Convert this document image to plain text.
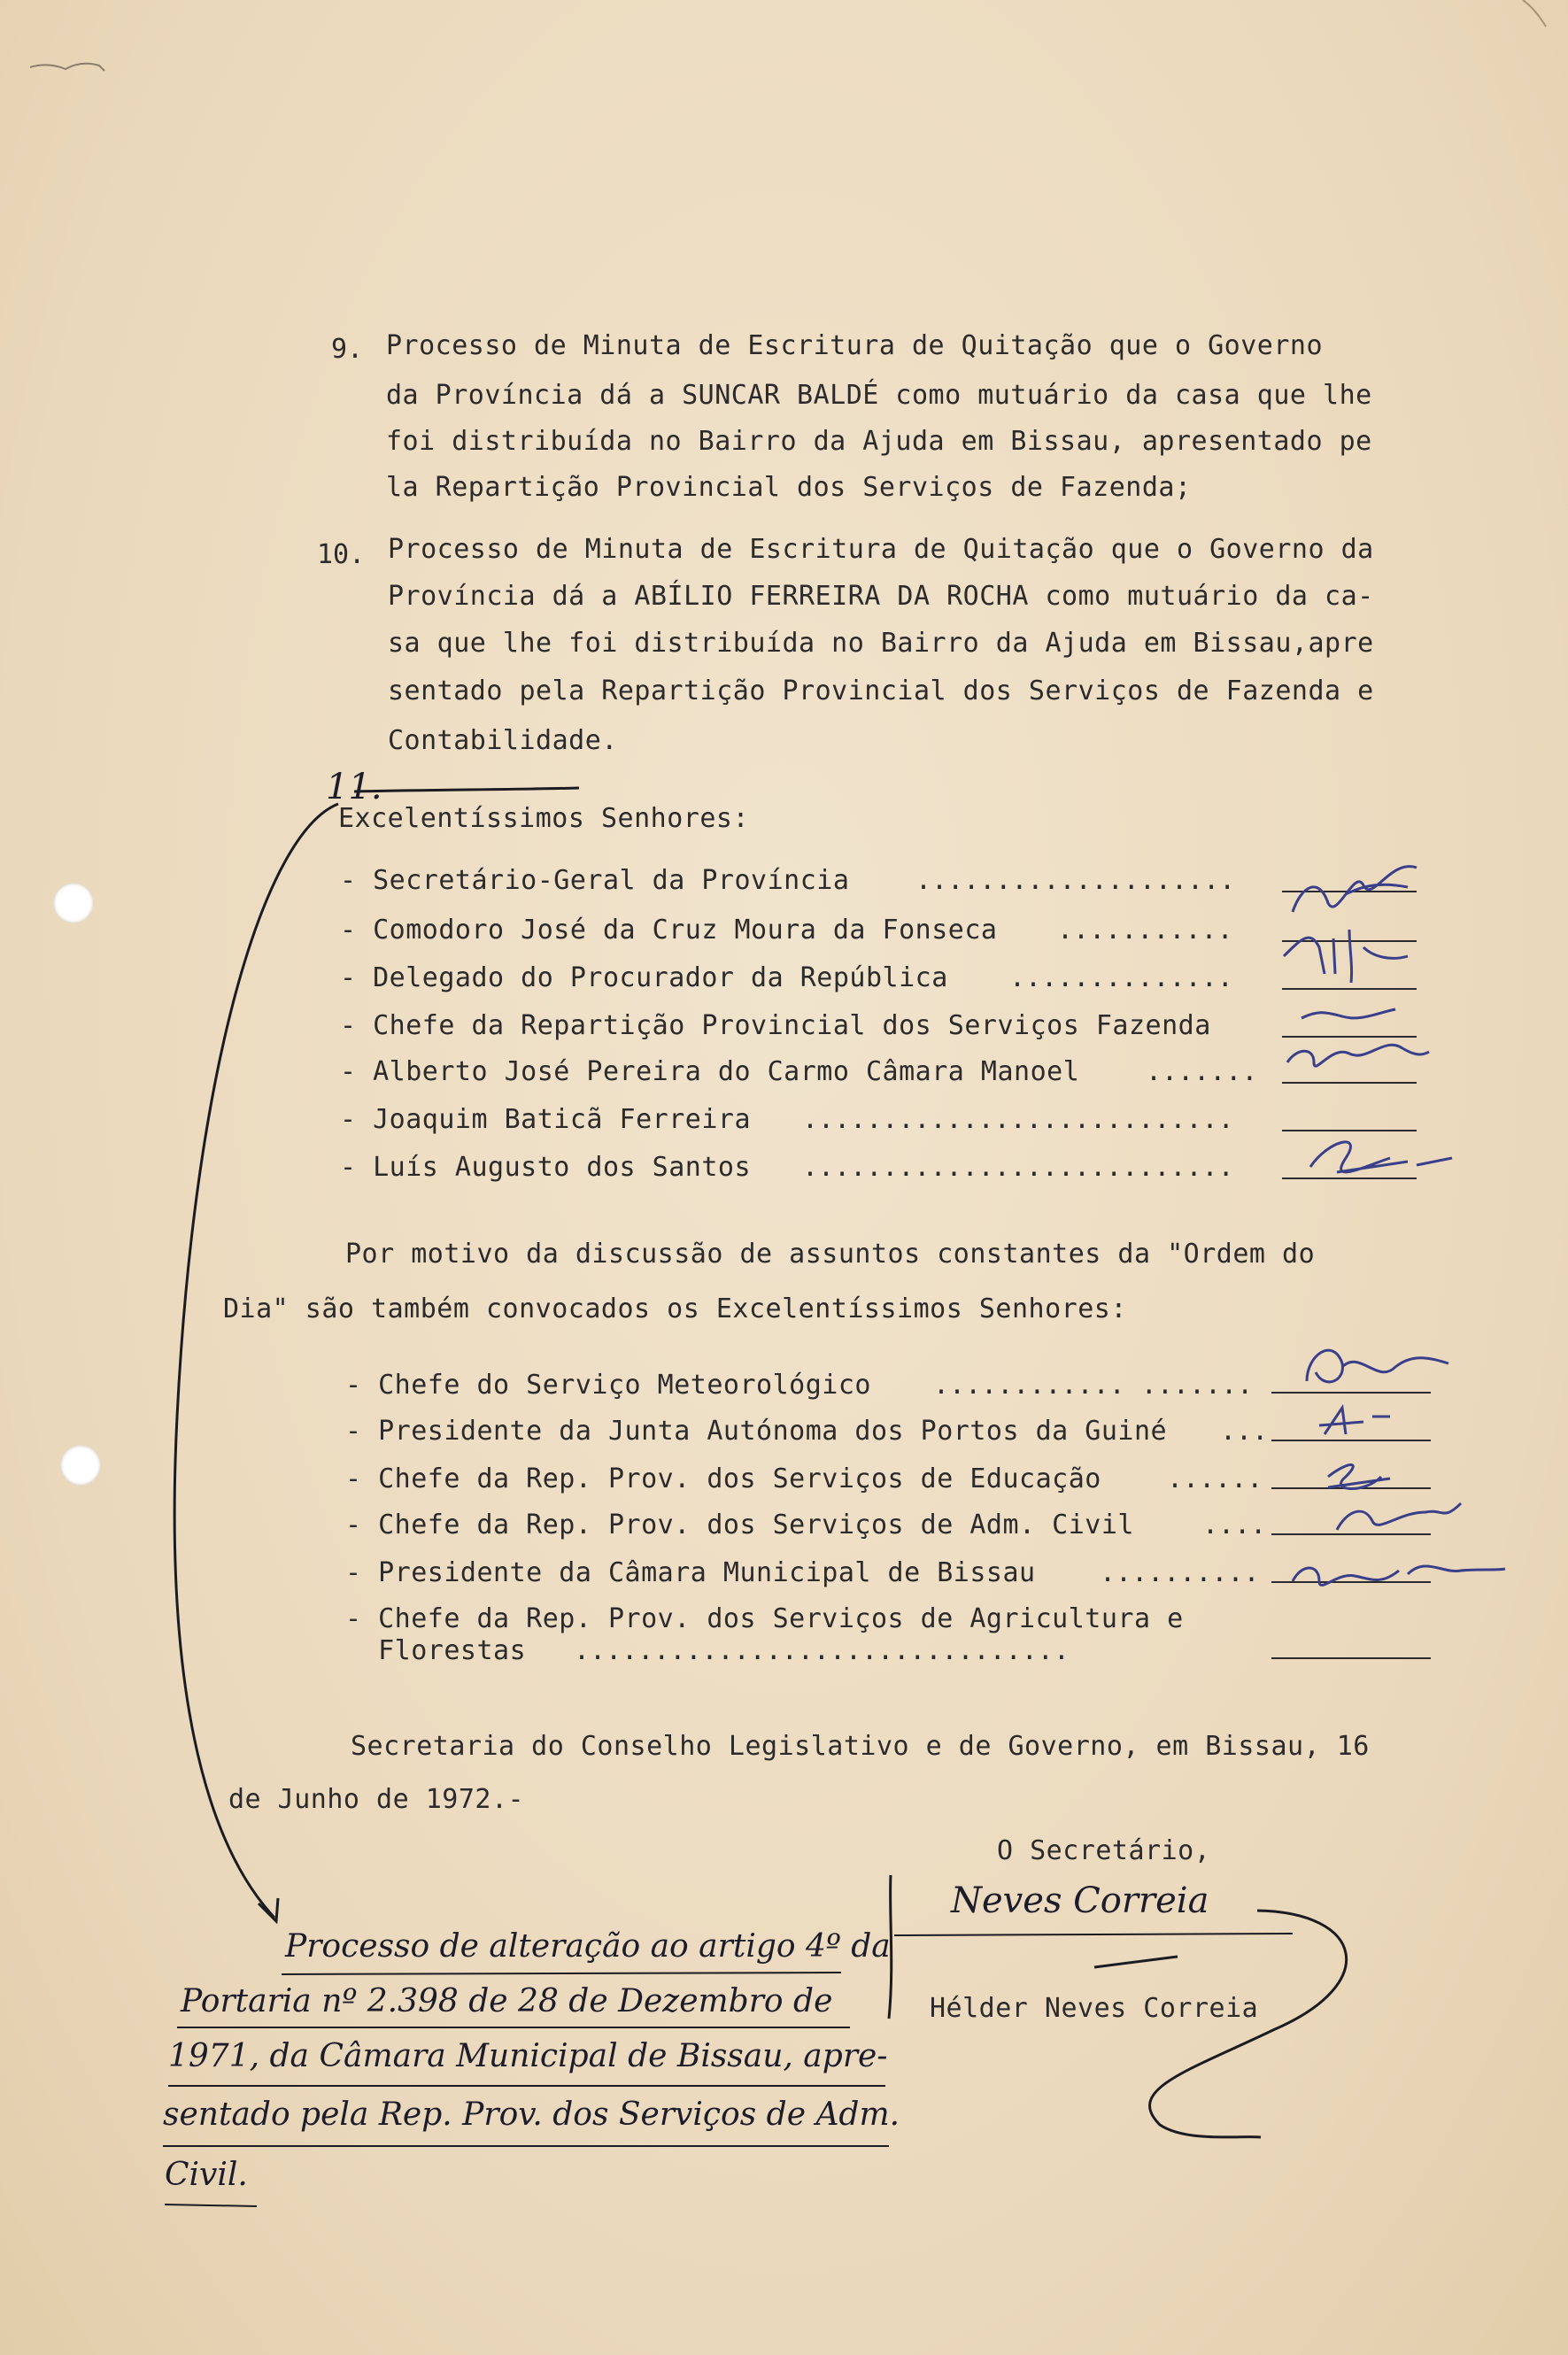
9. Processo de Minuta de Escritura de Quitação que o Governo
da Província dá a SUNCAR BALDÉ como mutuário da casa que lhe
foi distribuída no Bairro da Ajuda em Bissau, apresentado pe
la Repartição Provincial dos Serviços de Fazenda;
10. Processo de Minuta de Escritura de Quitação que o Governo da
Província dá a ABÍLIO FERREIRA DA ROCHA como mutuário da ca-
sa que lhe foi distribuída no Bairro da Ajuda em Bissau,apre
sentado pela Repartição Provincial dos Serviços de Fazenda e
Contabilidade.
11.
Excelentíssimos Senhores:
- Secretário-Geral da Província ....................
- Comodoro José da Cruz Moura da Fonseca ...........
- Delegado do Procurador da República ..............
- Chefe da Repartição Provincial dos Serviços Fazenda
- Alberto José Pereira do Carmo Câmara Manoel .......
- Joaquim Baticã Ferreira ...........................
- Luís Augusto dos Santos ...........................
Por motivo da discussão de assuntos constantes da "Ordem do
Dia" são também convocados os Excelentíssimos Senhores:
- Chefe do Serviço Meteorológico ............ .......
- Presidente da Junta Autónoma dos Portos da Guiné ...
- Chefe da Rep. Prov. dos Serviços de Educação ......
- Chefe da Rep. Prov. dos Serviços de Adm. Civil	....
- Presidente da Câmara Municipal de Bissau ..........
- Chefe da Rep. Prov. dos Serviços de Agricultura e
Florestas ...............................
Secretaria do Conselho Legislativo e de Governo, em Bissau, 16
de Junho de 1972.-
O Secretário,
Neves Correia
Hélder Neves Correia
Processo de alteração ao artigo 4º da
Portaria nº 2.398 de 28 de Dezembro de
1971, da Câmara Municipal de Bissau, apre-
sentado pela Rep. Prov. dos Serviços de Adm.
Civil.
